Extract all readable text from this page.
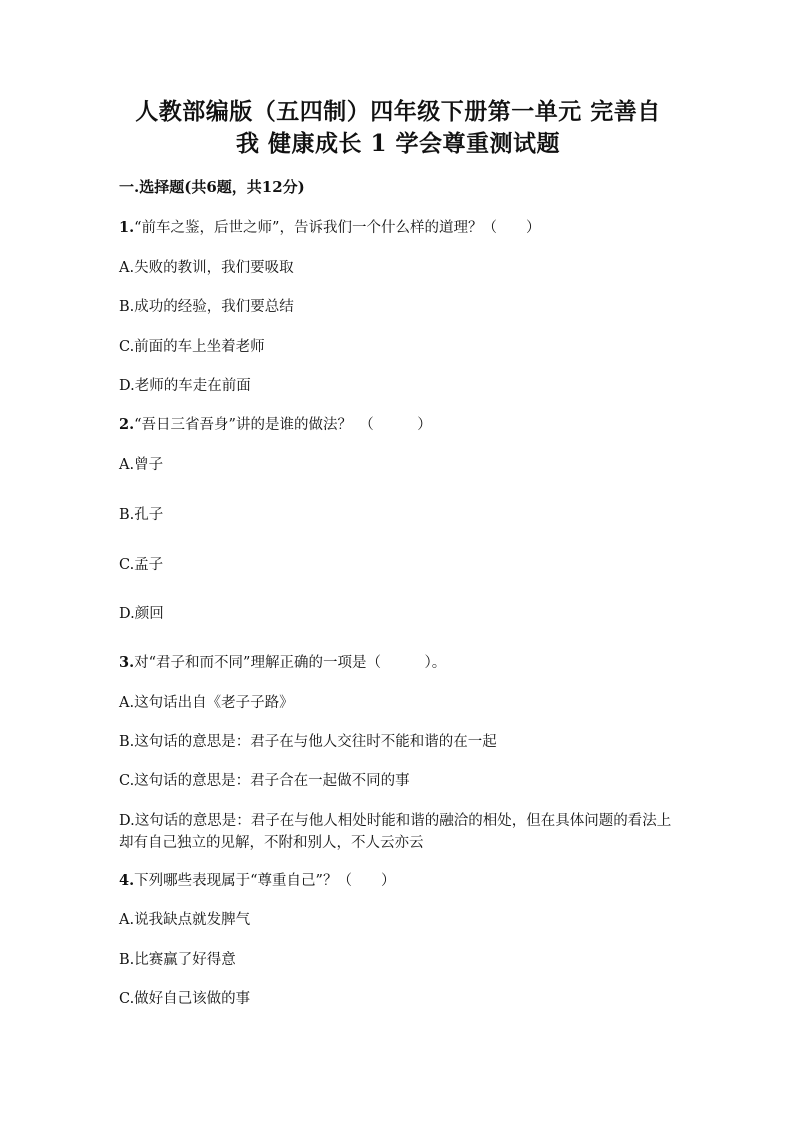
人教部编版（五四制）四年级下册第一单元 完善自
我 健康成长 1 学会尊重测试题
一.选择题(共6题，共12分)
1.“前车之鉴，后世之师”，告诉我们一个什么样的道理？（　　）
A.失败的教训，我们要吸取
B.成功的经验，我们要总结
C.前面的车上坐着老师
D.老师的车走在前面
2.“吾日三省吾身”讲的是谁的做法？　（　　　）
A.曾子
B.孔子
C.孟子
D.颜回
3.对“君子和而不同”理解正确的一项是（　　　）。
A.这句话出自《老子子路》
B.这句话的意思是：君子在与他人交往时不能和谐的在一起
C.这句话的意思是：君子合在一起做不同的事
D.这句话的意思是：君子在与他人相处时能和谐的融洽的相处，但在具体问题的看法上却有自己独立的见解，不附和别人，不人云亦云
4.下列哪些表现属于“尊重自己”？（　　）
A.说我缺点就发脾气
B.比赛赢了好得意
C.做好自己该做的事
